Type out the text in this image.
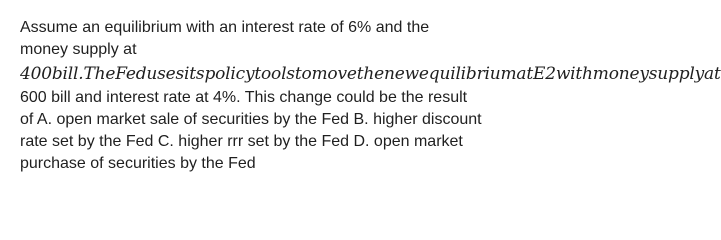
Assume an equilibrium with an interest rate of 6% and the
money supply at
400bill.TheFedusesitspolicytoolstomovethenewequilibriumatE2withmoneysupplyat
600 bill and interest rate at 4%. This change could be the result
of A. open market sale of securities by the Fed B. higher discount
rate set by the Fed C. higher rrr set by the Fed D. open market
purchase of securities by the Fed
